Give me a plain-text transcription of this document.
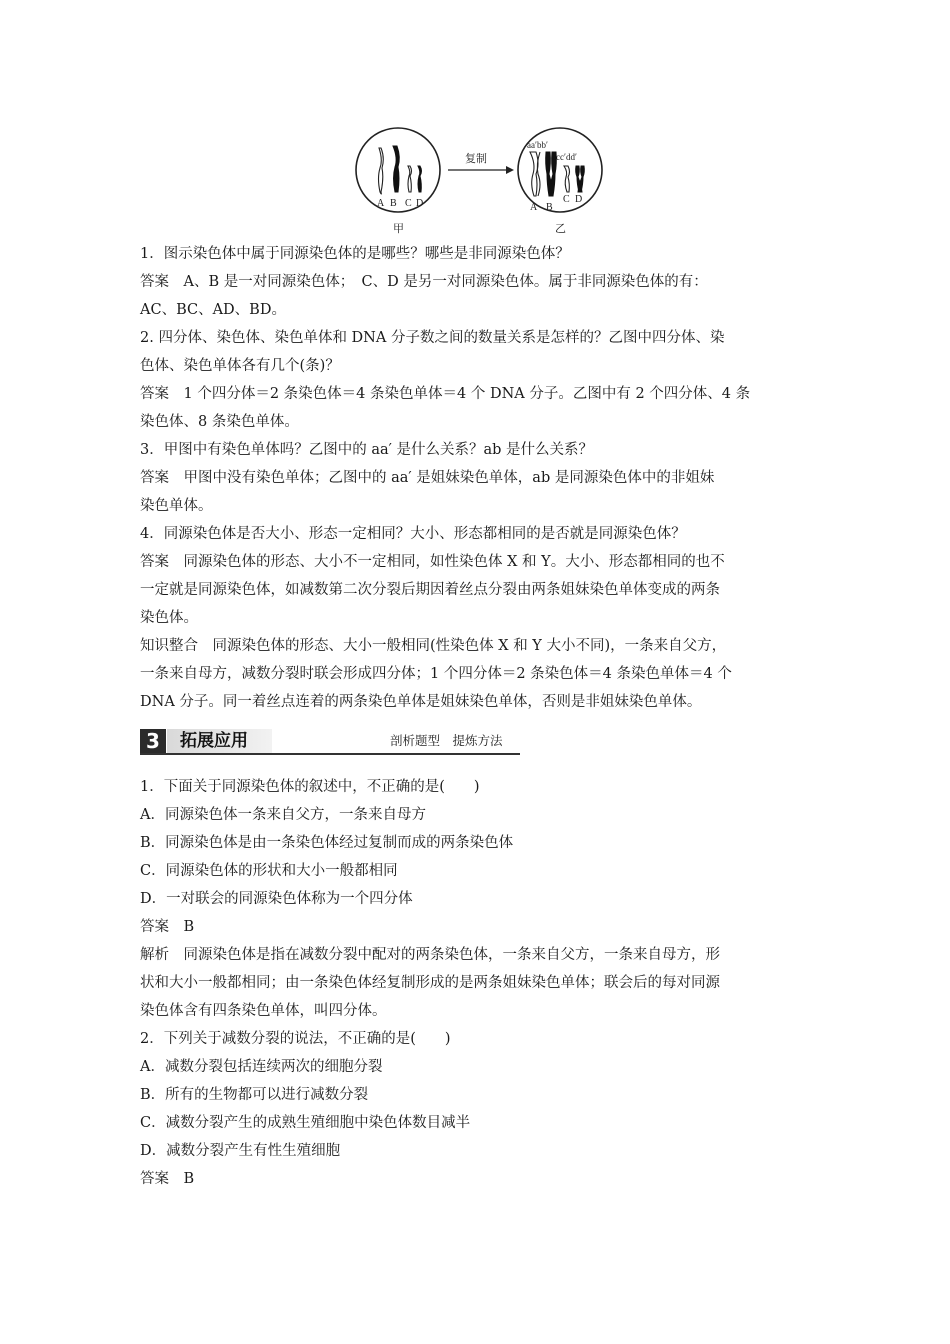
A B C D
甲
复制
aa′bb′
cc′dd′
A B
C D
乙
1．图示染色体中属于同源染色体的是哪些？哪些是非同源染色体？
答案　A、B 是一对同源染色体；　C、D 是另一对同源染色体。属于非同源染色体的有：
AC、BC、AD、BD。
2. 四分体、染色体、染色单体和 DNA 分子数之间的数量关系是怎样的？乙图中四分体、染
色体、染色单体各有几个(条)？
答案　1 个四分体＝2 条染色体＝4 条染色单体＝4 个 DNA 分子。乙图中有 2 个四分体、4 条
染色体、8 条染色单体。
3．甲图中有染色单体吗？乙图中的 aa′ 是什么关系？ab 是什么关系？
答案　甲图中没有染色单体；乙图中的 aa′ 是姐妹染色单体，ab 是同源染色体中的非姐妹
染色单体。
4．同源染色体是否大小、形态一定相同？大小、形态都相同的是否就是同源染色体？
答案　同源染色体的形态、大小不一定相同，如性染色体 X 和 Y。大小、形态都相同的也不
一定就是同源染色体，如减数第二次分裂后期因着丝点分裂由两条姐妹染色单体变成的两条
染色体。
知识整合　同源染色体的形态、大小一般相同(性染色体 X 和 Y 大小不同)，一条来自父方，
一条来自母方，减数分裂时联会形成四分体；1 个四分体＝2 条染色体＝4 条染色单体＝4 个
DNA 分子。同一着丝点连着的两条染色单体是姐妹染色单体，否则是非姐妹染色单体。
3	拓展应用	剖析题型　提炼方法
1．下面关于同源染色体的叙述中，不正确的是(　　)
A．同源染色体一条来自父方，一条来自母方
B．同源染色体是由一条染色体经过复制而成的两条染色体
C．同源染色体的形状和大小一般都相同
D．一对联会的同源染色体称为一个四分体
答案　B
解析　同源染色体是指在减数分裂中配对的两条染色体，一条来自父方，一条来自母方，形
状和大小一般都相同；由一条染色体经复制形成的是两条姐妹染色单体；联会后的每对同源
染色体含有四条染色单体，叫四分体。
2．下列关于减数分裂的说法，不正确的是(　　)
A．减数分裂包括连续两次的细胞分裂
B．所有的生物都可以进行减数分裂
C．减数分裂产生的成熟生殖细胞中染色体数目减半
D．减数分裂产生有性生殖细胞
答案　B
